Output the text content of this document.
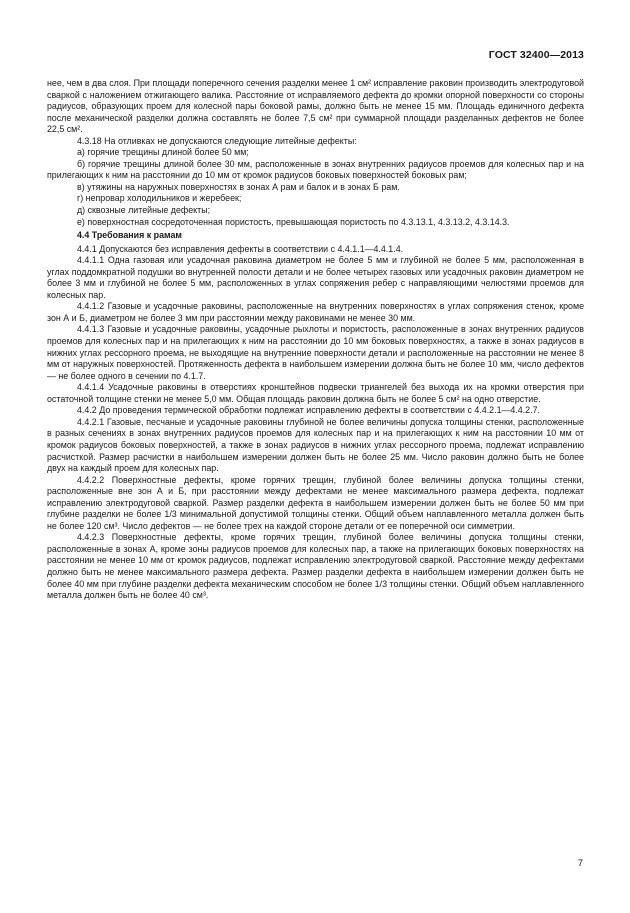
ГОСТ 32400—2013

нее, чем в два слоя. При площади поперечного сечения разделки менее 1 см² исправление раковин производить электродуговой сваркой с наложением отжигающего валика. Расстояние от исправляемого дефекта до кромки опорной поверхности со стороны радиусов, образующих проем для колесной пары боковой рамы, должно быть не менее 15 мм. Площадь единичного дефекта после механической разделки должна составлять не более 7,5 см² при суммарной площади разделанных дефектов не более 22,5 см².

4.3.18 На отливках не допускаются следующие литейные дефекты:

а) горячие трещины длиной более 50 мм;

б) горячие трещины длиной более 30 мм, расположенные в зонах внутренних радиусов проемов для колесных пар и на прилегающих к ним на расстоянии до 10 мм от кромок радиусов боковых поверхностей боковых рам;

в) утяжины на наружных поверхностях в зонах А рам и балок и в зонах Б рам.

г) непровар холодильников и жеребеек;

д) сквозные литейные дефекты;

е) поверхностная сосредоточенная пористость, превышающая пористость по 4.3.13.1, 4.3.13.2, 4.3.14.3.

4.4 Требования к рамам

4.4.1 Допускаются без исправления дефекты в соответствии с 4.4.1.1—4.4.1.4.

4.4.1.1 Одна газовая или усадочная раковина диаметром не более 5 мм и глубиной не более 5 мм, расположенная в углах поддомкратной подушки во внутренней полости детали и не более четырех газовых или усадочных раковин диаметром не более 3 мм и глубиной не более 5 мм, расположенных в углах сопряжения ребер с направляющими челюстями проемов для колесных пар.

4.4.1.2 Газовые и усадочные раковины, расположенные на внутренних поверхностях в углах сопряжения стенок, кроме зон А и Б, диаметром не более 3 мм при расстоянии между раковинами не менее 30 мм.

4.4.1.3 Газовые и усадочные раковины, усадочные рыхлоты и пористость, расположенные в зонах внутренних радиусов проемов для колесных пар и на прилегающих к ним на расстоянии до 10 мм боковых поверхностях, а также в зонах радиусов в нижних углах рессорного проема, не выходящие на внутренние поверхности детали и расположенные на расстоянии не менее 8 мм от наружных поверхностей. Протяженность дефекта в наибольшем измерении должна быть не более 10 мм, число дефектов — не более одного в сечении по 4.1.7.

4.4.1.4 Усадочные раковины в отверстиях кронштейнов подвески триангелей без выхода их на кромки отверстия при остаточной толщине стенки не менее 5,0 мм. Общая площадь раковин должна быть не более 5 см² на одно отверстие.

4.4.2 До проведения термической обработки подлежат исправлению дефекты в соответствии с 4.4.2.1—4.4.2.7.

4.4.2.1 Газовые, песчаные и усадочные раковины глубиной не более величины допуска толщины стенки, расположенные в разных сечениях в зонах внутренних радиусов проемов для колесных пар и на прилегающих к ним на расстоянии 10 мм от кромок радиусов боковых поверхностей, а также в зонах радиусов в нижних углах рессорного проема, подлежат исправлению расчисткой. Размер расчистки в наибольшем измерении должен быть не более 25 мм. Число раковин должно быть не более двух на каждый проем для колесных пар.

4.4.2.2 Поверхностные дефекты, кроме горячих трещин, глубиной более величины допуска толщины стенки, расположенные вне зон А и Б, при расстоянии между дефектами не менее максимального размера дефекта, подлежат исправлению электродуговой сваркой. Размер разделки дефекта в наибольшем измерении должен быть не более 50 мм при глубине разделки не более 1/3 минимальной допустимой толщины стенки. Общий объем наплавленного металла должен быть не более 120 см³. Число дефектов — не более трех на каждой стороне детали от ее поперечной оси симметрии.

4.4.2.3 Поверхностные дефекты, кроме горячих трещин, глубиной более величины допуска толщины стенки, расположенные в зонах А, кроме зоны радиусов проемов для колесных пар, а также на прилегающих боковых поверхностях на расстоянии не менее 10 мм от кромок радиусов, подлежат исправлению электродуговой сваркой. Расстояние между дефектами должно быть не менее максимального размера дефекта. Размер разделки дефекта в наибольшем измерении должен быть не более 40 мм при глубине разделки дефекта механическим способом не более 1/3 толщины стенки. Общий объем наплавленного металла должен быть не более 40 см³.

7
